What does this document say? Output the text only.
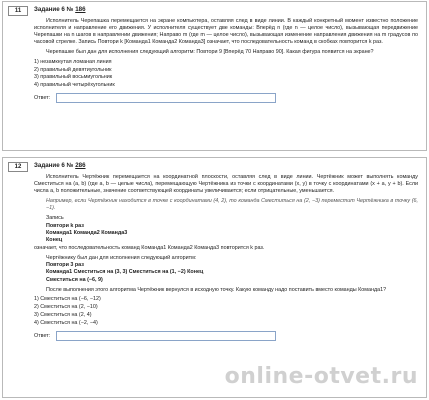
11	Задание 6 № 186

Исполнитель Черепашка перемещается на экране компьютера, оставляя след в виде линии. В каждый конкретный момент известно положение исполнителя и направление его движения. У исполнителя существует две команды: Вперёд n (где n — целое число), вызывающая передвижение Черепашки на n шагов в направлении движения; Направо m (где m — целое число), вызывающая изменение направления движения на m градусов по часовой стрелке. Запись Повтори k [Команда1 Команда2 Команда3] означает, что последовательность команд в скобках повторится k раз.

Черепашке был дан для исполнения следующий алгоритм: Повтори 9 [Вперёд 70 Направо 90]. Какая фигура появится на экране?

1) незамкнутая ломаная линия
2) правильный девятиугольник
3) правильный восьмиугольник
4) правильный четырёхугольник
Ответ:
12	Задание 6 № 286

Исполнитель Чертёжник перемещается на координатной плоскости, оставляя след в виде линии. Чертёжник может выполнять команду Сместиться на (a, b) (где a, b — целые числа), перемещающую Чертёжника из точки с координатами (x, y) в точку с координатами (x + a, y + b). Если числа a, b положительные, значение соответствующей координаты увеличивается; если отрицательные, уменьшается.

Например, если Чертёжник находится в точке с координатами (4, 2), то команда Сместиться на (2, −3) переместит Чертёжника в точку (6, −1).

Запись

Повтори k раз
Команда1 Команда2 Команда3
Конец

означает, что последовательность команд Команда1 Команда2 Команда3 повторится k раз.

Чертёжнику был дан для исполнения следующий алгоритм:

Повтори 3 раз
Команда1 Сместиться на (3, 3) Сместиться на (1, −2) Конец
Сместиться на (−6, 9)

После выполнения этого алгоритма Чертёжник вернулся в исходную точку. Какую команду надо поставить вместо команды Команда1?

1) Сместиться на (−6, −12)
2) Сместиться на (2, −10)
3) Сместиться на (2, 4)
4) Сместиться на (−2, −4)
Ответ:
online-otvet.ru
